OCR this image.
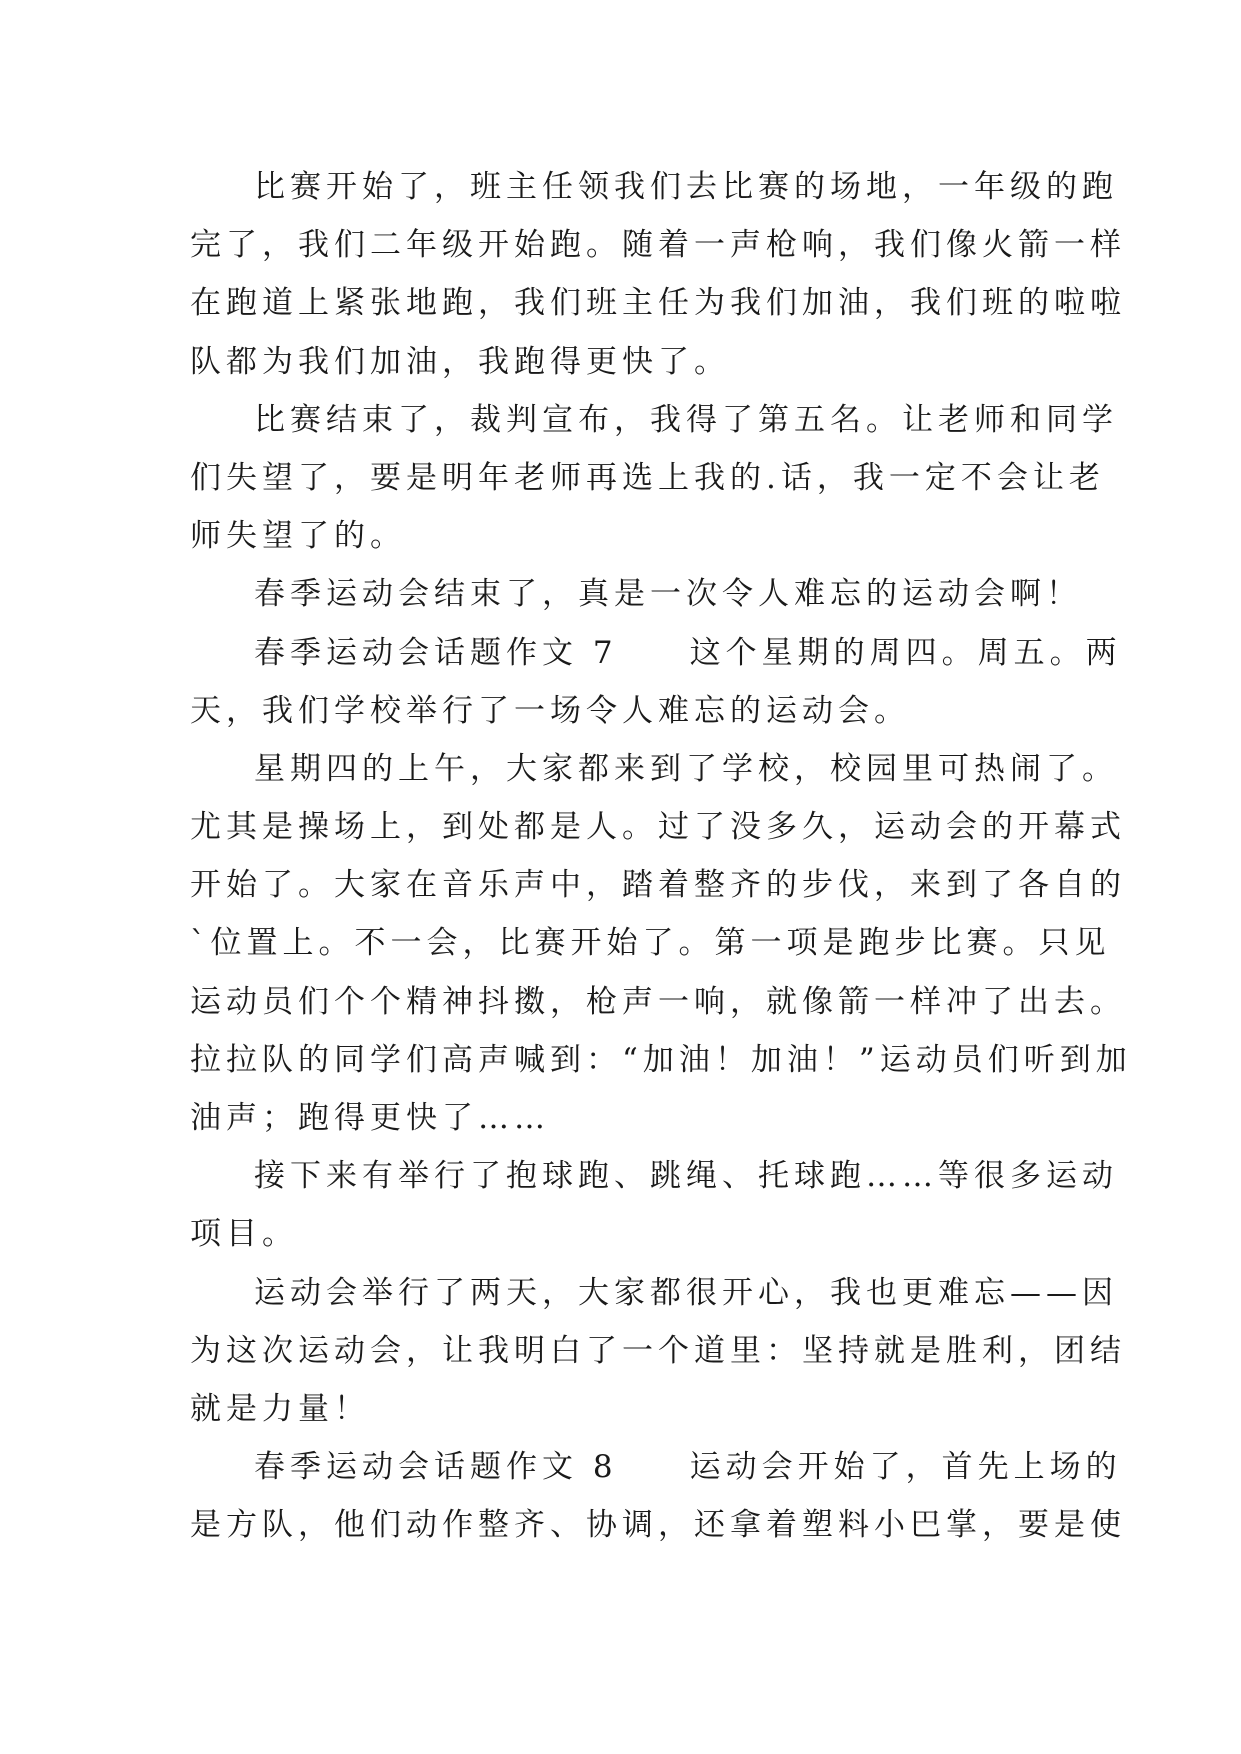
比赛开始了，班主任领我们去比赛的场地，一年级的跑
完了，我们二年级开始跑。随着一声枪响，我们像火箭一样
在跑道上紧张地跑，我们班主任为我们加油，我们班的啦啦
队都为我们加油，我跑得更快了。
比赛结束了，裁判宣布，我得了第五名。让老师和同学
们失望了，要是明年老师再选上我的.话，我一定不会让老
师失望了的。
春季运动会结束了，真是一次令人难忘的运动会啊！
春季运动会话题作文 7　　这个星期的周四。周五。两
天，我们学校举行了一场令人难忘的运动会。
星期四的上午，大家都来到了学校，校园里可热闹了。
尤其是操场上，到处都是人。过了没多久，运动会的开幕式
开始了。大家在音乐声中，踏着整齐的步伐，来到了各自的
`位置上。不一会，比赛开始了。第一项是跑步比赛。只见
运动员们个个精神抖擞，枪声一响，就像箭一样冲了出去。
拉拉队的同学们高声喊到：“加油！加油！”运动员们听到加
油声；跑得更快了……
接下来有举行了抱球跑、跳绳、托球跑……等很多运动
项目。
运动会举行了两天，大家都很开心，我也更难忘——因
为这次运动会，让我明白了一个道里：坚持就是胜利，团结
就是力量！
春季运动会话题作文 8　　运动会开始了，首先上场的
是方队，他们动作整齐、协调，还拿着塑料小巴掌，要是使
